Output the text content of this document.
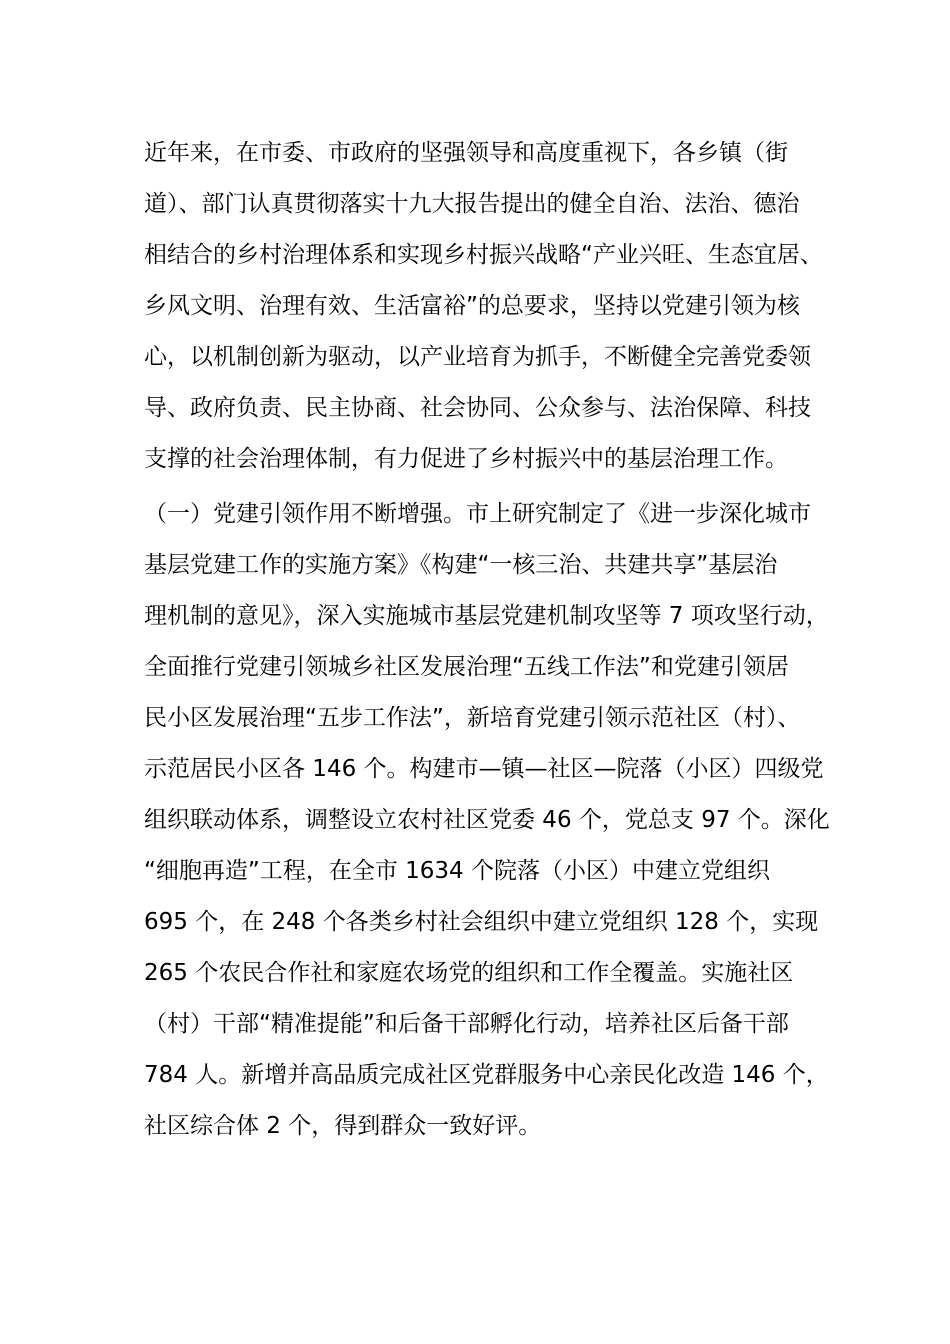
近年来，在市委、市政府的坚强领导和高度重视下，各乡镇（街
道）、部门认真贯彻落实十九大报告提出的健全自治、法治、德治
相结合的乡村治理体系和实现乡村振兴战略“产业兴旺、生态宜居、
乡风文明、治理有效、生活富裕”的总要求，坚持以党建引领为核
心，以机制创新为驱动，以产业培育为抓手，不断健全完善党委领
导、政府负责、民主协商、社会协同、公众参与、法治保障、科技
支撑的社会治理体制，有力促进了乡村振兴中的基层治理工作。
（一）党建引领作用不断增强。市上研究制定了《进一步深化城市
基层党建工作的实施方案》《构建“一核三治、共建共享”基层治
理机制的意见》，深入实施城市基层党建机制攻坚等 7 项攻坚行动，
全面推行党建引领城乡社区发展治理“五线工作法”和党建引领居
民小区发展治理“五步工作法”，新培育党建引领示范社区（村）、
示范居民小区各 146 个。构建市—镇—社区—院落（小区）四级党
组织联动体系，调整设立农村社区党委 46 个，党总支 97 个。深化
“细胞再造”工程，在全市 1634 个院落（小区）中建立党组织
695 个，在 248 个各类乡村社会组织中建立党组织 128 个，实现
265 个农民合作社和家庭农场党的组织和工作全覆盖。实施社区
（村）干部“精准提能”和后备干部孵化行动，培养社区后备干部
784 人。新增并高品质完成社区党群服务中心亲民化改造 146 个，
社区综合体 2 个，得到群众一致好评。
